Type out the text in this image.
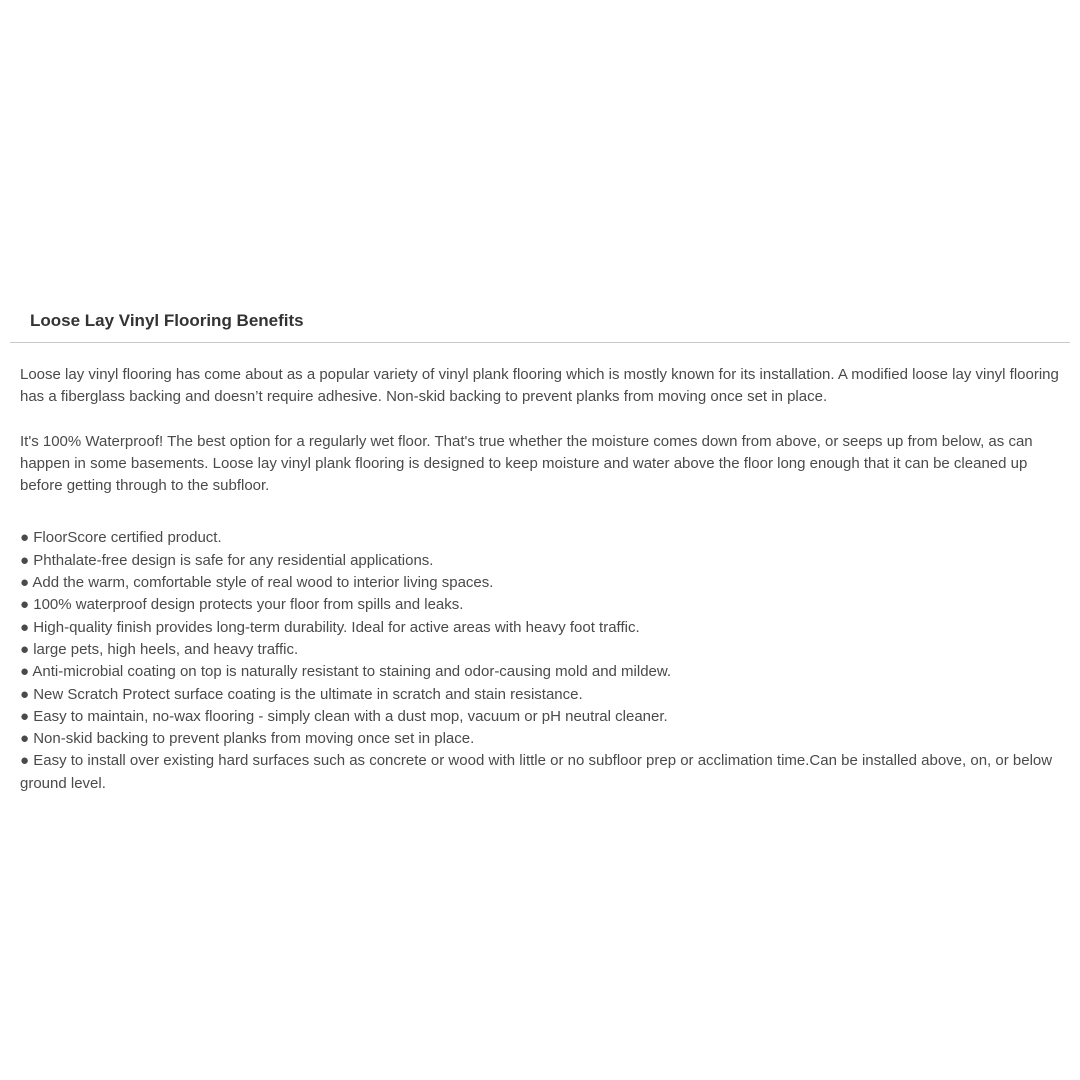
Loose Lay Vinyl Flooring Benefits

Loose lay vinyl flooring has come about as a popular variety of vinyl plank flooring which is mostly known for its installation. A modified loose lay vinyl flooring has a fiberglass backing and doesn’t require adhesive. Non-skid backing to prevent planks from moving once set in place.

It's 100% Waterproof! The best option for a regularly wet floor. That's true whether the moisture comes down from above, or seeps up from below, as can happen in some basements. Loose lay vinyl plank flooring is designed to keep moisture and water above the floor long enough that it can be cleaned up before getting through to the subfloor.

● FloorScore certified product.
● Phthalate-free design is safe for any residential applications.
● Add the warm, comfortable style of real wood to interior living spaces.
● 100% waterproof design protects your floor from spills and leaks.
● High-quality finish provides long-term durability. Ideal for active areas with heavy foot traffic.
● large pets, high heels, and heavy traffic.
● Anti-microbial coating on top is naturally resistant to staining and odor-causing mold and mildew.
● New Scratch Protect surface coating is the ultimate in scratch and stain resistance.
● Easy to maintain, no-wax flooring - simply clean with a dust mop, vacuum or pH neutral cleaner.
● Non-skid backing to prevent planks from moving once set in place.
● Easy to install over existing hard surfaces such as concrete or wood with little or no subfloor prep or acclimation time.Can be installed above, on, or below ground level.
